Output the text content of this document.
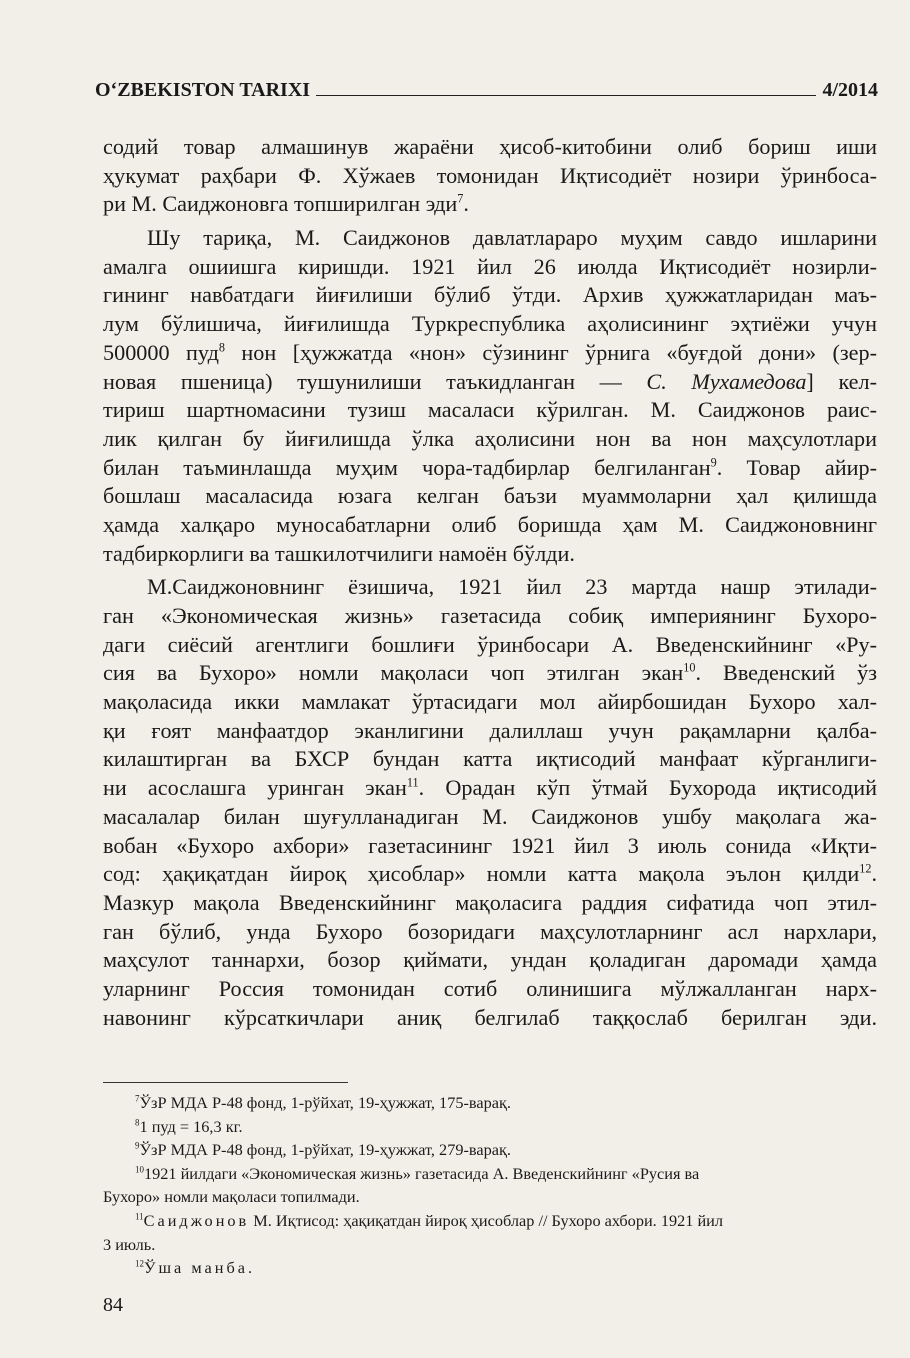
O‘ZBEKISTON TARIXI	4/2014

содий товар алмашинув жараёни ҳисоб-китобини олиб бориш иши
ҳукумат раҳбари Ф. Хўжаев томонидан Иқтисодиёт нозири ўринбоса-
ри М. Саиджоновга топширилган эди$^7$.

Шу тариқа, М. Саиджонов давлатлараро муҳим савдо ишларини
амалга ошиишга киришди. 1921 йил 26 июлда Иқтисодиёт нозирли-
гининг навбатдаги йиғилиши бўлиб ўтди. Архив ҳужжатларидан маъ-
лум бўлишича, йиғилишда Туркреспублика аҳолисининг эҳтиёжи учун
500000 пуд$^8$ нон [ҳужжатда «нон» сўзининг ўрнига «буғдой дони» (зер-
новая пшеница) тушунилиши таъкидланган — С. Мухамедова] кел-
тириш шартномасини тузиш масаласи кўрилган. М. Саиджонов раис-
лик қилган бу йиғилишда ўлка аҳолисини нон ва нон маҳсулотлари
билан таъминлашда муҳим чора-тадбирлар белгиланган$^9$. Товар айир-
бошлаш масаласида юзага келган баъзи муаммоларни ҳал қилишда
ҳамда халқаро муносабатларни олиб боришда ҳам М. Саиджоновнинг
тадбиркорлиги ва ташкилотчилиги намоён бўлди.

М.Саиджоновнинг ёзишича, 1921 йил 23 мартда нашр этилади-
ган «Экономическая жизнь» газетасида собиқ империянинг Бухоро-
даги сиёсий агентлиги бошлиғи ўринбосари А. Введенскийнинг «Ру-
сия ва Бухоро» номли мақоласи чоп этилган экан$^{10}$. Введенский ўз
мақоласида икки мамлакат ўртасидаги мол айирбошидан Бухоро хал-
қи ғоят манфаатдор эканлигини далиллаш учун рақамларни қалба-
килаштирган ва БХСР бундан катта иқтисодий манфаат кўрганлиги-
ни асослашга уринган экан$^{11}$. Орадан кўп ўтмай Бухорода иқтисодий
масалалар билан шуғулланадиган М. Саиджонов ушбу мақолага жа-
вобан «Бухоро ахбори» газетасининг 1921 йил 3 июль сонида «Иқти-
сод: ҳақиқатдан йироқ ҳисоблар» номли катта мақола эълон қилди$^{12}$.
Мазкур мақола Введенскийнинг мақоласига раддия сифатида чоп этил-
ган бўлиб, унда Бухоро бозоридаги маҳсулотларнинг асл нархлари,
маҳсулот таннархи, бозор қиймати, ундан қоладиган даромади ҳамда
уларнинг Россия томонидан сотиб олинишига мўлжалланган нарх-
навонинг кўрсаткичлари аниқ белгилаб таққослаб берилган эди.

$^7$ЎзР МДА Р-48 фонд, 1-рўйхат, 19-ҳужжат, 175-варақ.
$^8$1 пуд = 16,3 кг.
$^9$ЎзР МДА Р-48 фонд, 1-рўйхат, 19-ҳужжат, 279-варақ.
$^{10}$1921 йилдаги «Экономическая жизнь» газетасида А. Введенскийнинг «Русия ва
Бухоро» номли мақоласи топилмади.
$^{11}$Саиджонов М. Иқтисод: ҳақиқатдан йироқ ҳисоблар // Бухоро ахбори. 1921 йил
3 июль.
$^{12}$Ўша манба.
84
